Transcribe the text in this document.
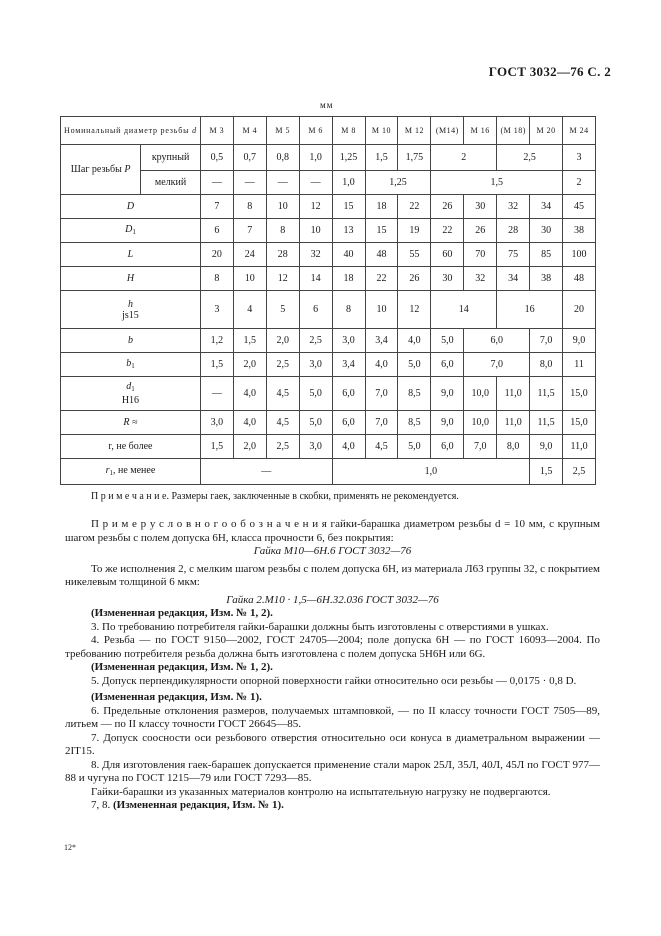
ГОСТ 3032—76 С. 2
мм
Номинальный диаметр резьбы d		М 3	М 4	М 5	М 6	М 8	М 10	М 12	(М14)	М 16	(М 18)	М 20	М 24
Шаг резьбы P	крупный	0,5	0,7	0,8	1,0	1,25	1,5	1,75	2		2,5		3
	мелкий	—	—	—	—	1,0	1,25		1,5				2
D		7	8	10	12	15	18	22	26	30	32	34	45
$D_1$		6	7	8	10	13	15	19	22	26	28	30	38
L		20	24	28	32	40	48	55	60	70	75	85	100
H		8	10	12	14	18	22	26	30	32	34	38	48
h
js15		3	4	5	6	8	10	12	14		16		20
b		1,2	1,5	2,0	2,5	3,0	3,4	4,0	5,0	6,0		7,0	9,0
$b_1$		1,5	2,0	2,5	3,0	3,4	4,0	5,0	6,0	7,0		8,0	11
$d_1$
Н16		—	4,0	4,5	5,0	6,0	7,0	8,5	9,0	10,0	11,0	11,5	15,0
R ≈		3,0	4,0	4,5	5,0	6,0	7,0	8,5	9,0	10,0	11,0	11,5	15,0
r, не более		1,5	2,0	2,5	3,0	4,0	4,5	5,0	6,0	7,0	8,0	9,0	11,0
$r_1$, не менее		—				1,0						1,5	2,5

П р и м е ч а н и е. Размеры гаек, заключенные в скобки, применять не рекомендуется.

П р и м е р у с л о в н о г о о б о з н а ч е н и я гайки-барашка диаметром резьбы d = 10 мм, с крупным шагом резьбы с полем допуска 6Н, класса прочности 6, без покрытия:

Гайка М10—6Н.6 ГОСТ 3032—76

То же исполнения 2, с мелким шагом резьбы с полем допуска 6Н, из материала Л63 группы 32, с покрытием никелевым толщиной 6 мкм:

Гайка 2.М10 · 1,5—6Н.32.036 ГОСТ 3032—76

(Измененная редакция, Изм. № 1, 2).

3. По требованию потребителя гайки-барашки должны быть изготовлены с отверстиями в ушках.

4. Резьба — по ГОСТ 9150—2002, ГОСТ 24705—2004; поле допуска 6Н — по ГОСТ 16093—2004. По требованию потребителя резьба должна быть изготовлена с полем допуска 5Н6Н или 6G.

(Измененная редакция, Изм. № 1, 2).

5. Допуск перпендикулярности опорной поверхности гайки относительно оси резьбы — 0,0175 · 0,8 D.

(Измененная редакция, Изм. № 1).

6. Предельные отклонения размеров, получаемых штамповкой, — по II классу точности ГОСТ 7505—89, литьем — по II классу точности ГОСТ 26645—85.

7. Допуск соосности оси резьбового отверстия относительно оси конуса в диаметральном выражении — 2IT15.

8. Для изготовления гаек-барашек допускается применение стали марок 25Л, 35Л, 40Л, 45Л по ГОСТ 977—88 и чугуна по ГОСТ 1215—79 или ГОСТ 7293—85.

Гайки-барашки из указанных материалов контролю на испытательную нагрузку не подвергаются.

7, 8. (Измененная редакция, Изм. № 1).

12*
